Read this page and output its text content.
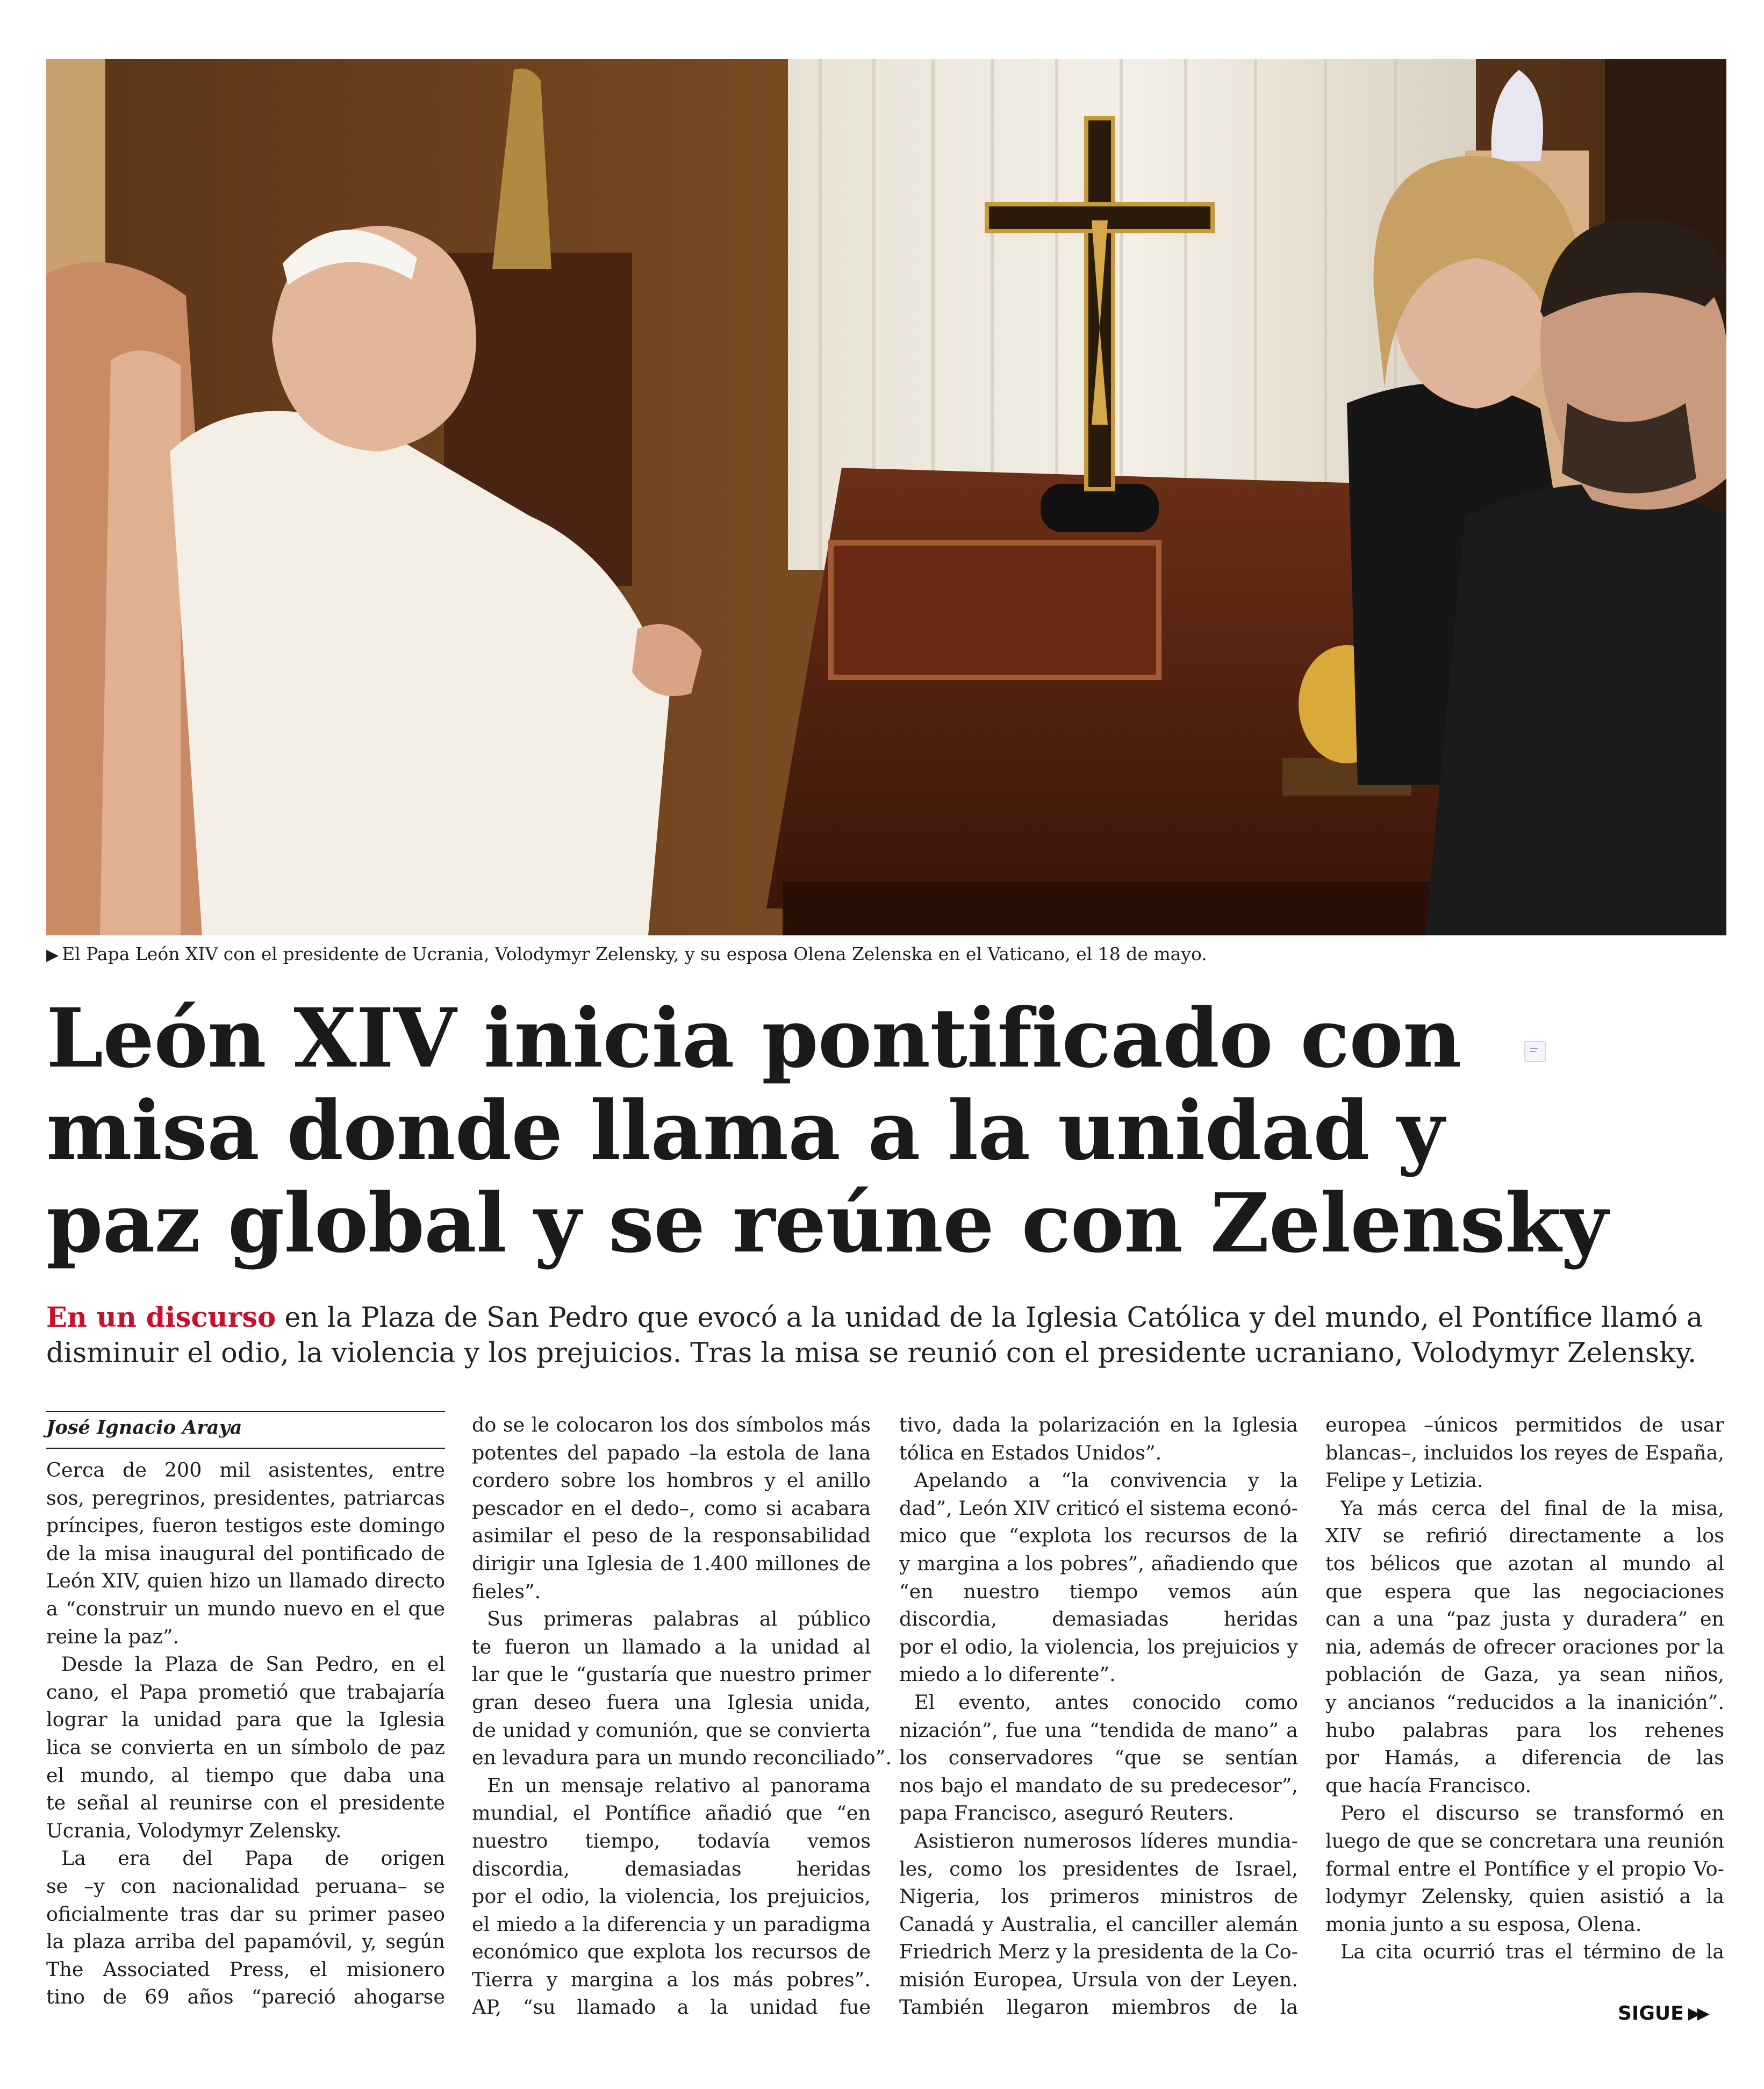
▶ El Papa León XIV con el presidente de Ucrania, Volodymyr Zelensky, y su esposa Olena Zelenska en el Vaticano, el 18 de mayo.
León XIV inicia pontificado con
misa donde llama a la unidad y
paz global y se reúne con Zelensky
En un discurso en la Plaza de San Pedro que evocó a la unidad de la Iglesia Católica y del mundo, el Pontífice llamó a
disminuir el odio, la violencia y los prejuicios. Tras la misa se reunió con el presidente ucraniano, Volodymyr Zelensky.
José Ignacio Araya
Cerca de 200 mil asistentes, entre
sos, peregrinos, presidentes, patriarcas
príncipes, fueron testigos este domingo
de la misa inaugural del pontificado de
León XIV, quien hizo un llamado directo
a “construir un mundo nuevo en el que
reine la paz”.
Desde la Plaza de San Pedro, en el
cano, el Papa prometió que trabajaría
lograr la unidad para que la Iglesia
lica se convierta en un símbolo de paz
el mundo, al tiempo que daba una
te señal al reunirse con el presidente
Ucrania, Volodymyr Zelensky.
La era del Papa de origen
se –y con nacionalidad peruana– se
oficialmente tras dar su primer paseo
la plaza arriba del papamóvil, y, según
The Associated Press, el misionero
tino de 69 años “pareció ahogarse
do se le colocaron los dos símbolos más
potentes del papado –la estola de lana
cordero sobre los hombros y el anillo
pescador en el dedo–, como si acabara
asimilar el peso de la responsabilidad
dirigir una Iglesia de 1.400 millones de
fieles”.
Sus primeras palabras al público
te fueron un llamado a la unidad al
lar que le “gustaría que nuestro primer
gran deseo fuera una Iglesia unida,
de unidad y comunión, que se convierta
en levadura para un mundo reconciliado”.
En un mensaje relativo al panorama
mundial, el Pontífice añadió que “en
nuestro tiempo, todavía vemos
discordia, demasiadas heridas
por el odio, la violencia, los prejuicios,
el miedo a la diferencia y un paradigma
económico que explota los recursos de
Tierra y margina a los más pobres”.
AP, “su llamado a la unidad fue
tivo, dada la polarización en la Iglesia
tólica en Estados Unidos”.
Apelando a “la convivencia y la
dad”, León XIV criticó el sistema econó-
mico que “explota los recursos de la
y margina a los pobres”, añadiendo que
“en nuestro tiempo vemos aún
discordia, demasiadas heridas
por el odio, la violencia, los prejuicios y
miedo a lo diferente”.
El evento, antes conocido como
nización”, fue una “tendida de mano” a
los conservadores “que se sentían
nos bajo el mandato de su predecesor”,
papa Francisco, aseguró Reuters.
Asistieron numerosos líderes mundia-
les, como los presidentes de Israel,
Nigeria, los primeros ministros de
Canadá y Australia, el canciller alemán
Friedrich Merz y la presidenta de la Co-
misión Europea, Ursula von der Leyen.
También llegaron miembros de la
europea –únicos permitidos de usar
blancas–, incluidos los reyes de España,
Felipe y Letizia.
Ya más cerca del final de la misa,
XIV se refirió directamente a los
tos bélicos que azotan al mundo al
que espera que las negociaciones
can a una “paz justa y duradera” en
nia, además de ofrecer oraciones por la
población de Gaza, ya sean niños,
y ancianos “reducidos a la inanición”.
hubo palabras para los rehenes
por Hamás, a diferencia de las
que hacía Francisco.
Pero el discurso se transformó en
luego de que se concretara una reunión
formal entre el Pontífice y el propio Vo-
lodymyr Zelensky, quien asistió a la
monia junto a su esposa, Olena.
La cita ocurrió tras el término de la
SIGUE ▶▶
